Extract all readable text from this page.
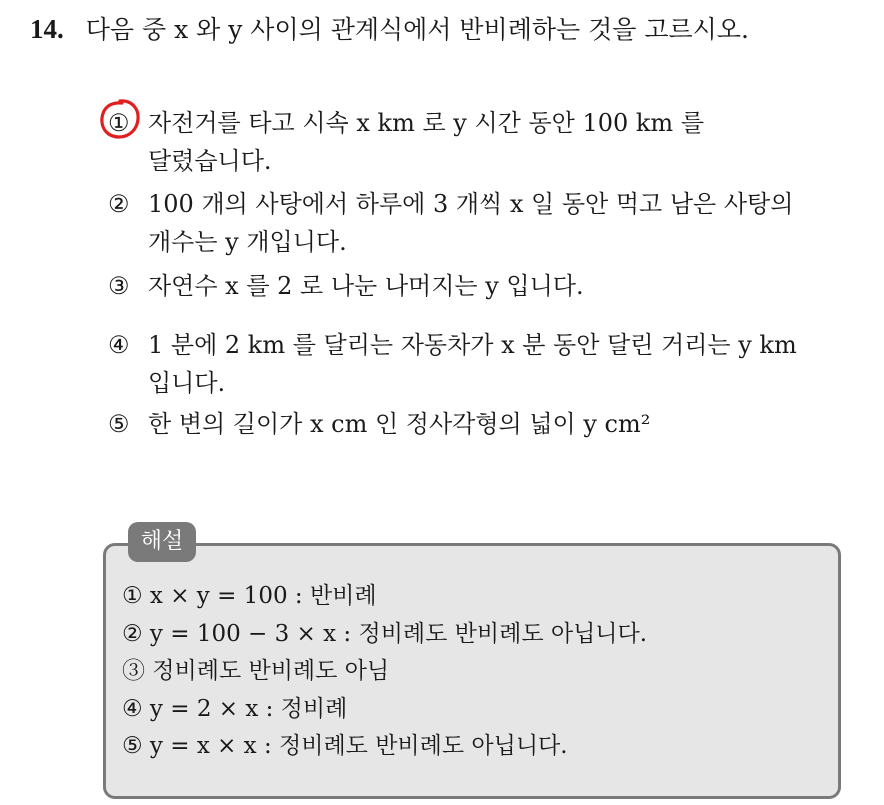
14. 다음 중 x 와 y 사이의 관계식에서 반비례하는 것을 고르시오.
① 자전거를 타고 시속 x km 로 y 시간 동안 100 km 를
달렸습니다.
② 100 개의 사탕에서 하루에 3 개씩 x 일 동안 먹고 남은 사탕의
개수는 y 개입니다.
③ 자연수 x 를 2 로 나눈 나머지는 y 입니다.
④ 1 분에 2 km 를 달리는 자동차가 x 분 동안 달린 거리는 y km
입니다.
⑤ 한 변의 길이가 x cm 인 정사각형의 넓이 y cm²
해설
① x × y = 100 : 반비례
② y = 100 − 3 × x : 정비례도 반비례도 아닙니다.
③ 정비례도 반비례도 아님
④ y = 2 × x : 정비례
⑤ y = x × x : 정비례도 반비례도 아닙니다.
